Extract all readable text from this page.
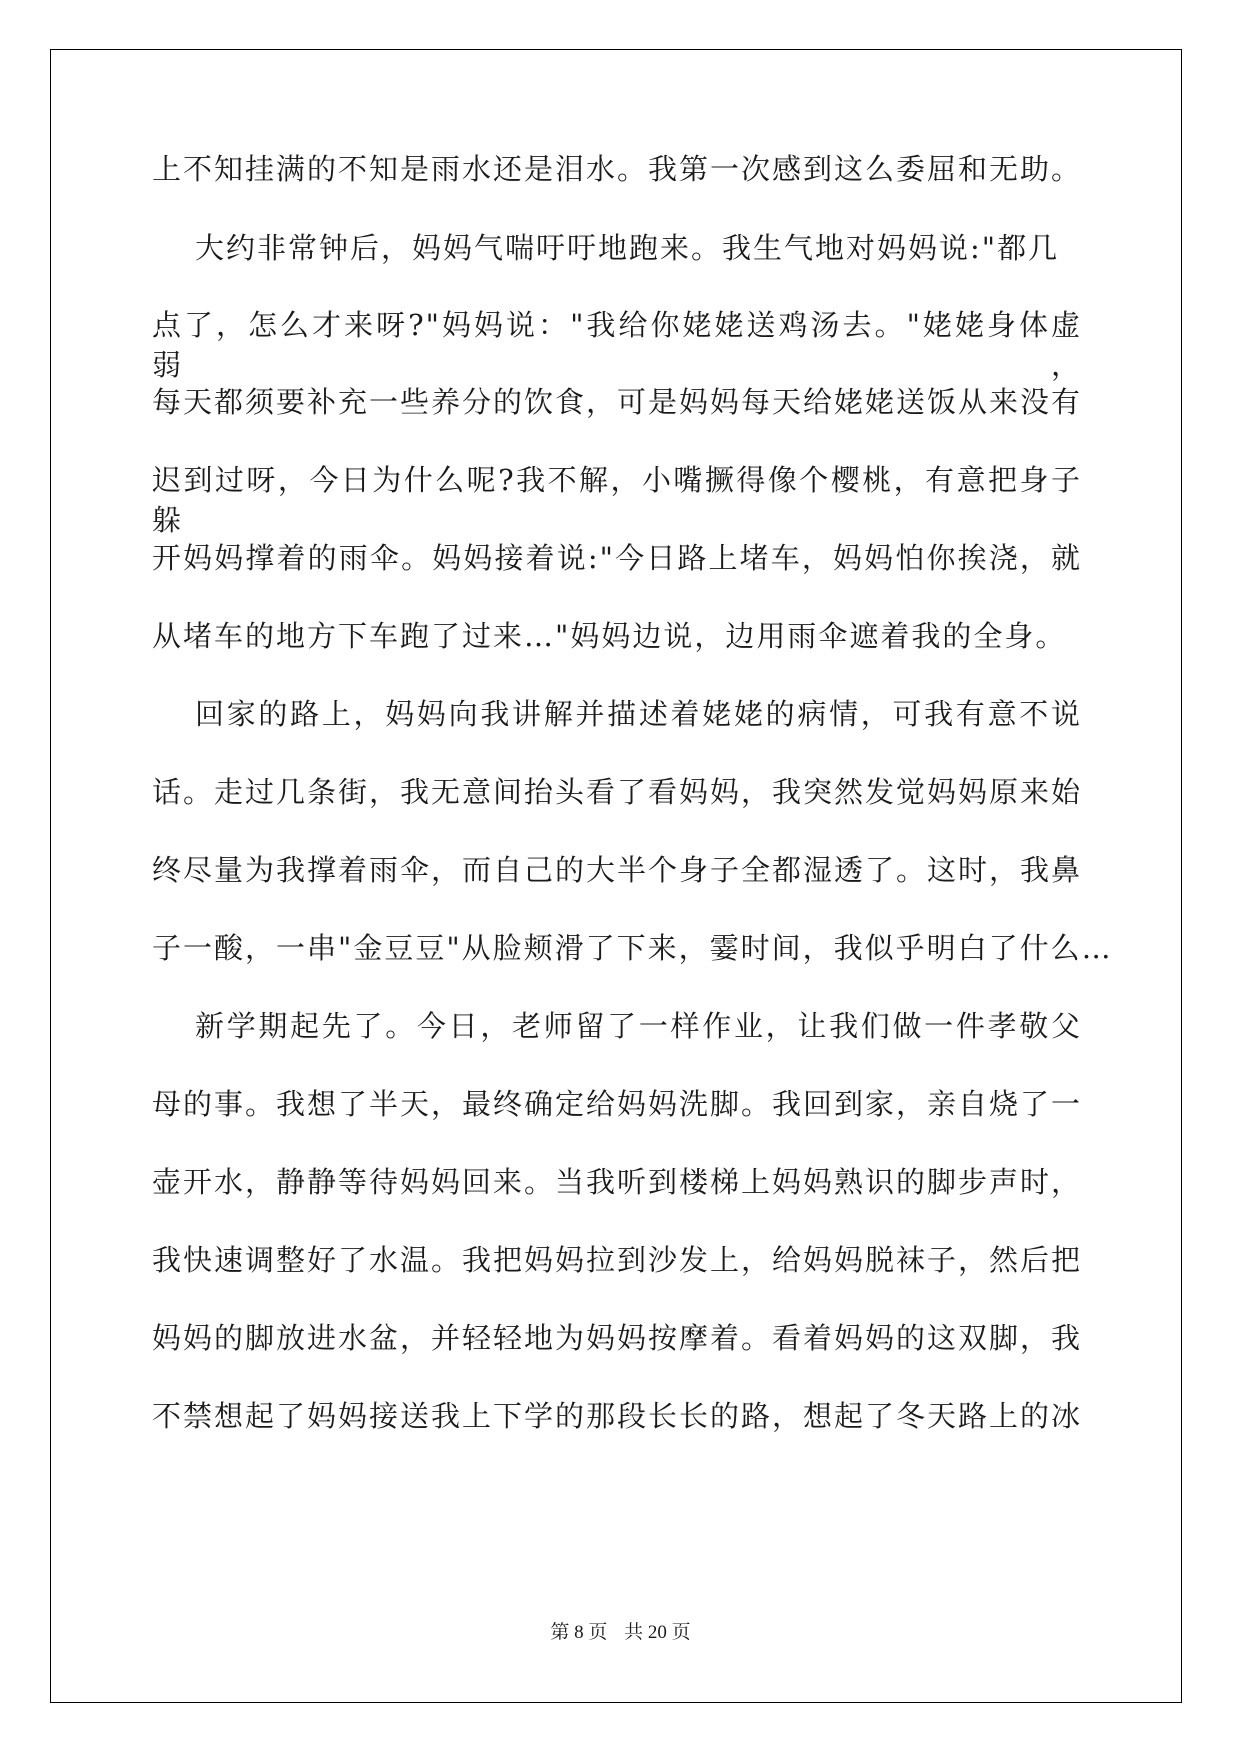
上不知挂满的不知是雨水还是泪水。我第一次感到这么委屈和无助。
大约非常钟后，妈妈气喘吁吁地跑来。我生气地对妈妈说:"都几
点了，怎么才来呀?"妈妈说："我给你姥姥送鸡汤去。"姥姥身体虚弱，
每天都须要补充一些养分的饮食，可是妈妈每天给姥姥送饭从来没有
迟到过呀，今日为什么呢?我不解，小嘴撅得像个樱桃，有意把身子躲
开妈妈撑着的雨伞。妈妈接着说:"今日路上堵车，妈妈怕你挨浇，就
从堵车的地方下车跑了过来…"妈妈边说，边用雨伞遮着我的全身。
回家的路上，妈妈向我讲解并描述着姥姥的病情，可我有意不说
话。走过几条街，我无意间抬头看了看妈妈，我突然发觉妈妈原来始
终尽量为我撑着雨伞，而自己的大半个身子全都湿透了。这时，我鼻
子一酸，一串"金豆豆"从脸颊滑了下来，霎时间，我似乎明白了什么…
新学期起先了。今日，老师留了一样作业，让我们做一件孝敬父
母的事。我想了半天，最终确定给妈妈洗脚。我回到家，亲自烧了一
壶开水，静静等待妈妈回来。当我听到楼梯上妈妈熟识的脚步声时，
我快速调整好了水温。我把妈妈拉到沙发上，给妈妈脱袜子，然后把
妈妈的脚放进水盆，并轻轻地为妈妈按摩着。看着妈妈的这双脚，我
不禁想起了妈妈接送我上下学的那段长长的路，想起了冬天路上的冰
第 8 页 共 20 页
